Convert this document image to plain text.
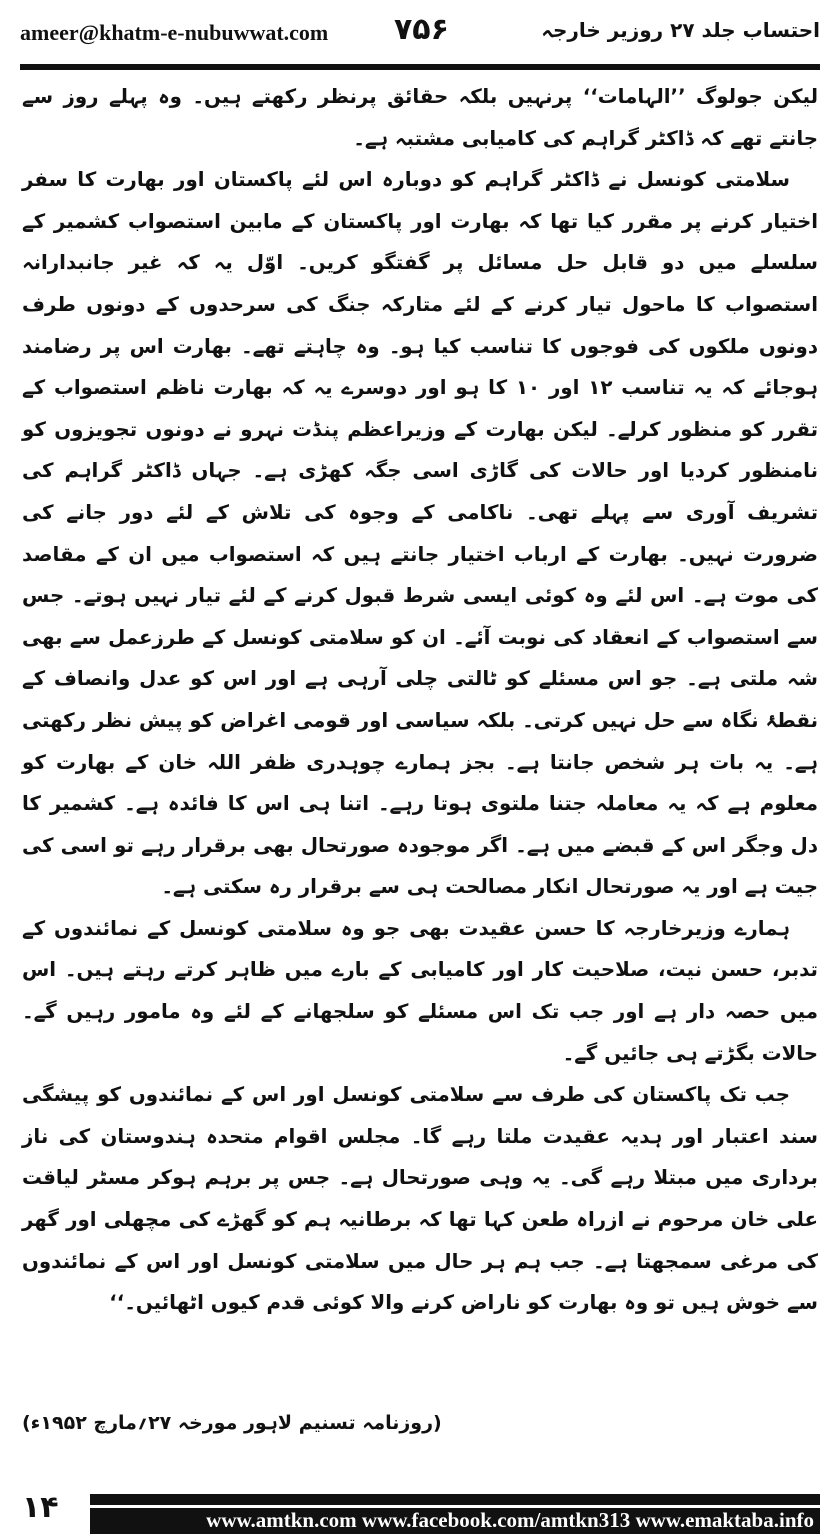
ameer@khatm-e-nubuwwat.com ۷۵۶	احتساب جلد ۲۷ روزیر خارجہ

لیکن جولوگ ’’الہامات‘‘ پرنہیں بلکہ حقائق پرنظر رکھتے ہیں۔ وہ پہلے روز سے جانتے تھے کہ ڈاکٹر گراہم کی کامیابی مشتبہ ہے۔

سلامتی کونسل نے ڈاکٹر گراہم کو دوبارہ اس لئے پاکستان اور بھارت کا سفر اختیار کرنے پر مقرر کیا تھا کہ بھارت اور پاکستان کے مابین استصواب کشمیر کے سلسلے میں دو قابل حل مسائل پر گفتگو کریں۔ اوّل یہ کہ غیر جانبدارانہ استصواب کا ماحول تیار کرنے کے لئے متارکہ جنگ کی سرحدوں کے دونوں طرف دونوں ملکوں کی فوجوں کا تناسب کیا ہو۔ وہ چاہتے تھے۔ بھارت اس پر رضامند ہوجائے کہ یہ تناسب ۱۲ اور ۱۰ کا ہو اور دوسرے یہ کہ بھارت ناظم استصواب کے تقرر کو منظور کرلے۔ لیکن بھارت کے وزیراعظم پنڈت نہرو نے دونوں تجویزوں کو نامنظور کردیا اور حالات کی گاڑی اسی جگہ کھڑی ہے۔ جہاں ڈاکٹر گراہم کی تشریف آوری سے پہلے تھی۔ ناکامی کے وجوہ کی تلاش کے لئے دور جانے کی ضرورت نہیں۔ بھارت کے ارباب اختیار جانتے ہیں کہ استصواب میں ان کے مقاصد کی موت ہے۔ اس لئے وہ کوئی ایسی شرط قبول کرنے کے لئے تیار نہیں ہوتے۔ جس سے استصواب کے انعقاد کی نوبت آئے۔ ان کو سلامتی کونسل کے طرزعمل سے بھی شہ ملتی ہے۔ جو اس مسئلے کو ٹالتی چلی آرہی ہے اور اس کو عدل وانصاف کے نقطۂ نگاہ سے حل نہیں کرتی۔ بلکہ سیاسی اور قومی اغراض کو پیش نظر رکھتی ہے۔ یہ بات ہر شخص جانتا ہے۔ بجز ہمارے چوہدری ظفر اللہ خان کے بھارت کو معلوم ہے کہ یہ معاملہ جتنا ملتوی ہوتا رہے۔ اتنا ہی اس کا فائدہ ہے۔ کشمیر کا دل وجگر اس کے قبضے میں ہے۔ اگر موجودہ صورتحال بھی برقرار رہے تو اسی کی جیت ہے اور یہ صورتحال انکار مصالحت ہی سے برقرار رہ سکتی ہے۔

ہمارے وزیرخارجہ کا حسن عقیدت بھی جو وہ سلامتی کونسل کے نمائندوں کے تدبر، حسن نیت، صلاحیت کار اور کامیابی کے بارے میں ظاہر کرتے رہتے ہیں۔ اس میں حصہ دار ہے اور جب تک اس مسئلے کو سلجھانے کے لئے وہ مامور رہیں گے۔ حالات بگڑتے ہی جائیں گے۔

جب تک پاکستان کی طرف سے سلامتی کونسل اور اس کے نمائندوں کو پیشگی سند اعتبار اور ہدیہ عقیدت ملتا رہے گا۔ مجلس اقوام متحدہ ہندوستان کی ناز برداری میں مبتلا رہے گی۔ یہ وہی صورتحال ہے۔ جس پر برہم ہوکر مسٹر لیاقت علی خان مرحوم نے ازراہ طعن کہا تھا کہ برطانیہ ہم کو گھڑے کی مچھلی اور گھر کی مرغی سمجھتا ہے۔ جب ہم ہر حال میں سلامتی کونسل اور اس کے نمائندوں سے خوش ہیں تو وہ بھارت کو ناراض کرنے والا کوئی قدم کیوں اٹھائیں۔‘‘

(روزنامہ تسنیم لاہور مورخہ ۲۷؍مارچ ۱۹۵۲ء)
۱۴	www.amtkn.com www.facebook.com/amtkn313 www.emaktaba.info
